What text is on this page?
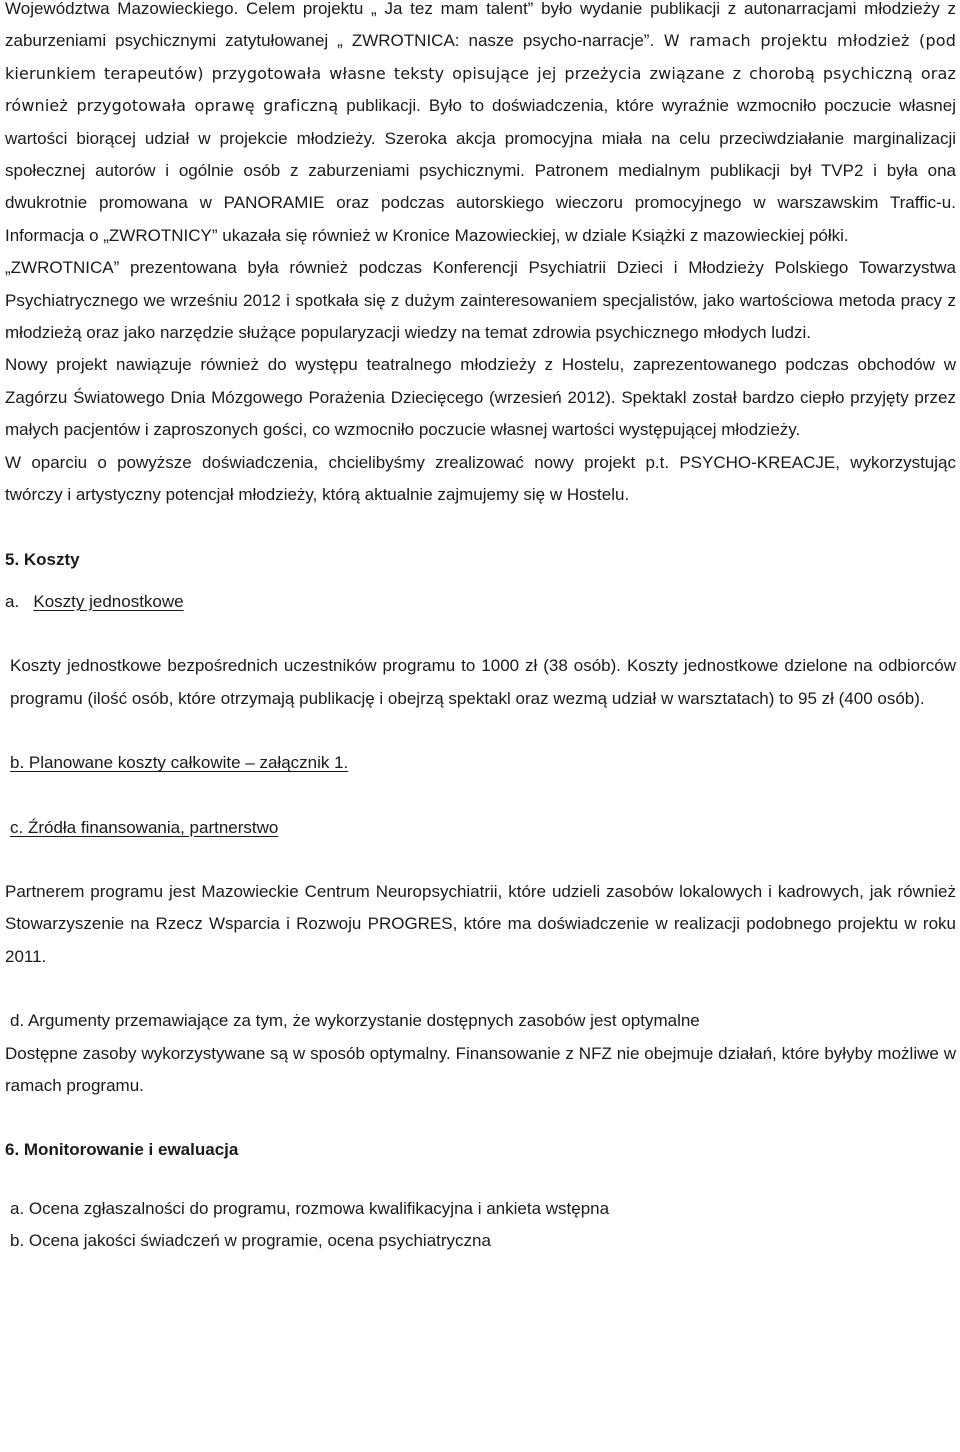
Województwa Mazowieckiego. Celem projektu „ Ja tez mam talent” było wydanie publikacji z autonarracjami młodzieży z zaburzeniami psychicznymi zatytułowanej „ ZWROTNICA: nasze psycho-narracje”. W ramach projektu młodzież (pod kierunkiem terapeutów) przygotowała własne teksty opisujące jej przeżycia związane z chorobą psychiczną oraz również przygotowała oprawę graficzną publikacji. Było to doświadczenia, które wyraźnie wzmocniło poczucie własnej wartości biorącej udział w projekcie młodzieży. Szeroka akcja promocyjna miała na celu przeciwdziałanie marginalizacji społecznej autorów i ogólnie osób z zaburzeniami psychicznymi. Patronem medialnym publikacji był TVP2 i była ona dwukrotnie promowana w PANORAMIE oraz podczas autorskiego wieczoru promocyjnego w warszawskim Traffic-u. Informacja o „ZWROTNICY” ukazała się również w Kronice Mazowieckiej, w dziale Książki z mazowieckiej półki.

„ZWROTNICA” prezentowana była również podczas Konferencji Psychiatrii Dzieci i Młodzieży Polskiego Towarzystwa Psychiatrycznego we wrześniu 2012 i spotkała się z dużym zainteresowaniem specjalistów, jako wartościowa metoda pracy z młodzieżą oraz jako narzędzie służące popularyzacji wiedzy na temat zdrowia psychicznego młodych ludzi.

Nowy projekt nawiązuje również do występu teatralnego młodzieży z Hostelu, zaprezentowanego podczas obchodów w Zagórzu Światowego Dnia Mózgowego Porażenia Dziecięcego (wrzesień 2012). Spektakl został bardzo ciepło przyjęty przez małych pacjentów i zaproszonych gości, co wzmocniło poczucie własnej wartości występującej młodzieży.

W oparciu o powyższe doświadczenia, chcielibyśmy zrealizować nowy projekt p.t. PSYCHO-KREACJE, wykorzystując twórczy i artystyczny potencjał młodzieży, którą aktualnie zajmujemy się w Hostelu.

5. Koszty

a. Koszty jednostkowe

Koszty jednostkowe bezpośrednich uczestników programu to 1000 zł (38 osób). Koszty jednostkowe dzielone na odbiorców programu (ilość osób, które otrzymają publikację i obejrzą spektakl oraz wezmą udział w warsztatach) to 95 zł (400 osób).

b. Planowane koszty całkowite – załącznik 1.

c. Źródła finansowania, partnerstwo

Partnerem programu jest Mazowieckie Centrum Neuropsychiatrii, które udzieli zasobów lokalowych i kadrowych, jak również Stowarzyszenie na Rzecz Wsparcia i Rozwoju PROGRES, które ma doświadczenie w realizacji podobnego projektu w roku 2011.

d. Argumenty przemawiające za tym, że wykorzystanie dostępnych zasobów jest optymalne

Dostępne zasoby wykorzystywane są w sposób optymalny. Finansowanie z NFZ nie obejmuje działań, które byłyby możliwe w ramach programu.

6. Monitorowanie i ewaluacja

a. Ocena zgłaszalności do programu, rozmowa kwalifikacyjna i ankieta wstępna

b. Ocena jakości świadczeń w programie, ocena psychiatryczna
